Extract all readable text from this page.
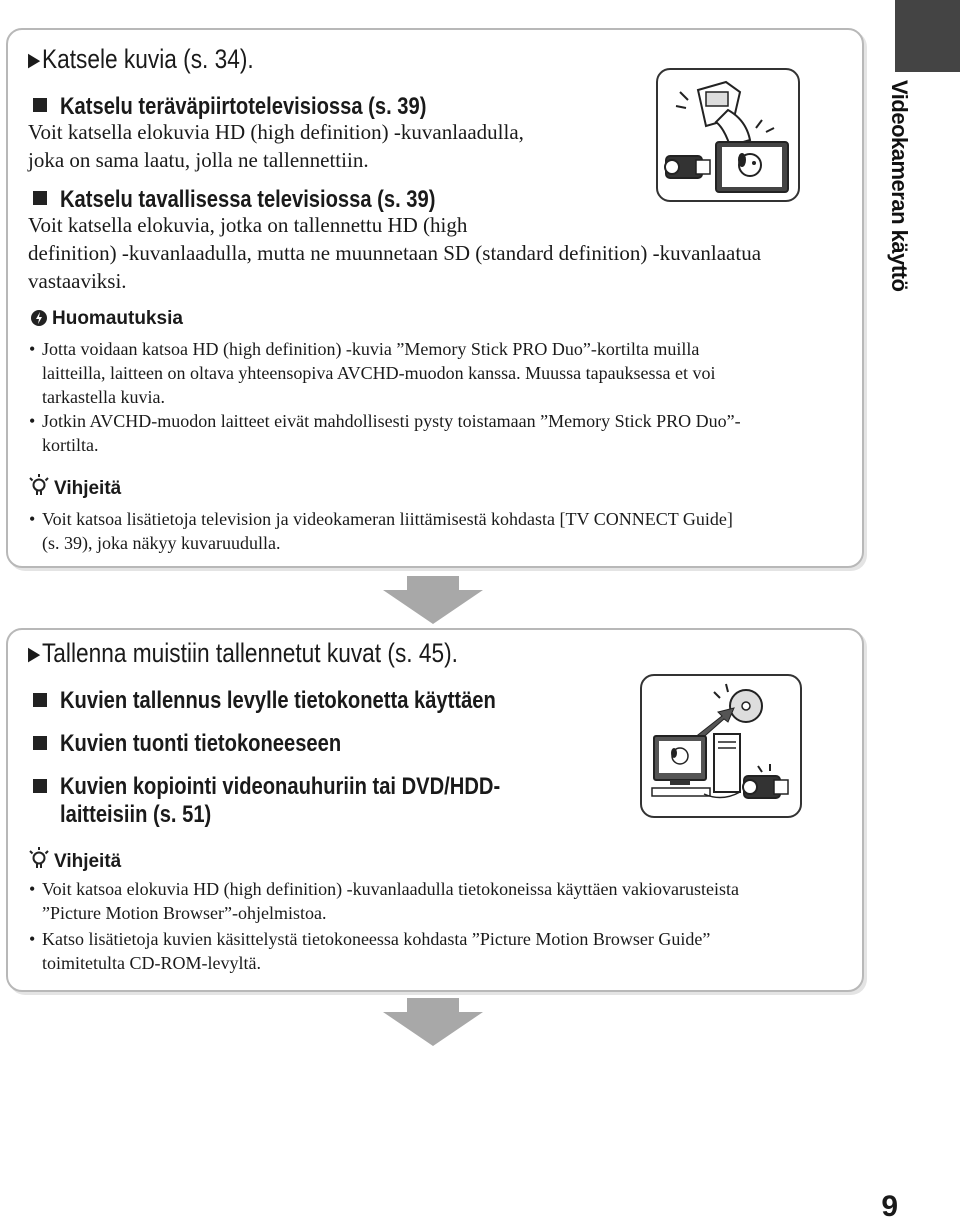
Videokameran käyttö
▶Katsele kuvia (s. 34).
Katselu teräväpiirtotelevisiossa (s. 39)
Voit katsella elokuvia HD (high definition) -kuvanlaadulla,
joka on sama laatu, jolla ne tallennettiin.
Katselu tavallisessa televisiossa (s. 39)
Voit katsella elokuvia, jotka on tallennettu HD (high
definition) -kuvanlaadulla, mutta ne muunnetaan SD (standard definition) -kuvanlaatua
vastaaviksi.
Huomautuksia
• Jotta voidaan katsoa HD (high definition) -kuvia ”Memory Stick PRO Duo”-kortilta muilla
laitteilla, laitteen on oltava yhteensopiva AVCHD-muodon kanssa. Muussa tapauksessa et voi
tarkastella kuvia.
• Jotkin AVCHD-muodon laitteet eivät mahdollisesti pysty toistamaan ”Memory Stick PRO Duo”-
kortilta.
Vihjeitä
• Voit katsoa lisätietoja television ja videokameran liittämisestä kohdasta [TV CONNECT Guide]
(s. 39), joka näkyy kuvaruudulla.
▶Tallenna muistiin tallennetut kuvat (s. 45).
Kuvien tallennus levylle tietokonetta käyttäen
Kuvien tuonti tietokoneeseen
Kuvien kopiointi videonauhuriin tai DVD/HDD-
laitteisiin (s. 51)
Vihjeitä
• Voit katsoa elokuvia HD (high definition) -kuvanlaadulla tietokoneissa käyttäen vakiovarusteista
”Picture Motion Browser”-ohjelmistoa.
• Katso lisätietoja kuvien käsittelystä tietokoneessa kohdasta ”Picture Motion Browser Guide”
toimitetulta CD-ROM-levyltä.
9
